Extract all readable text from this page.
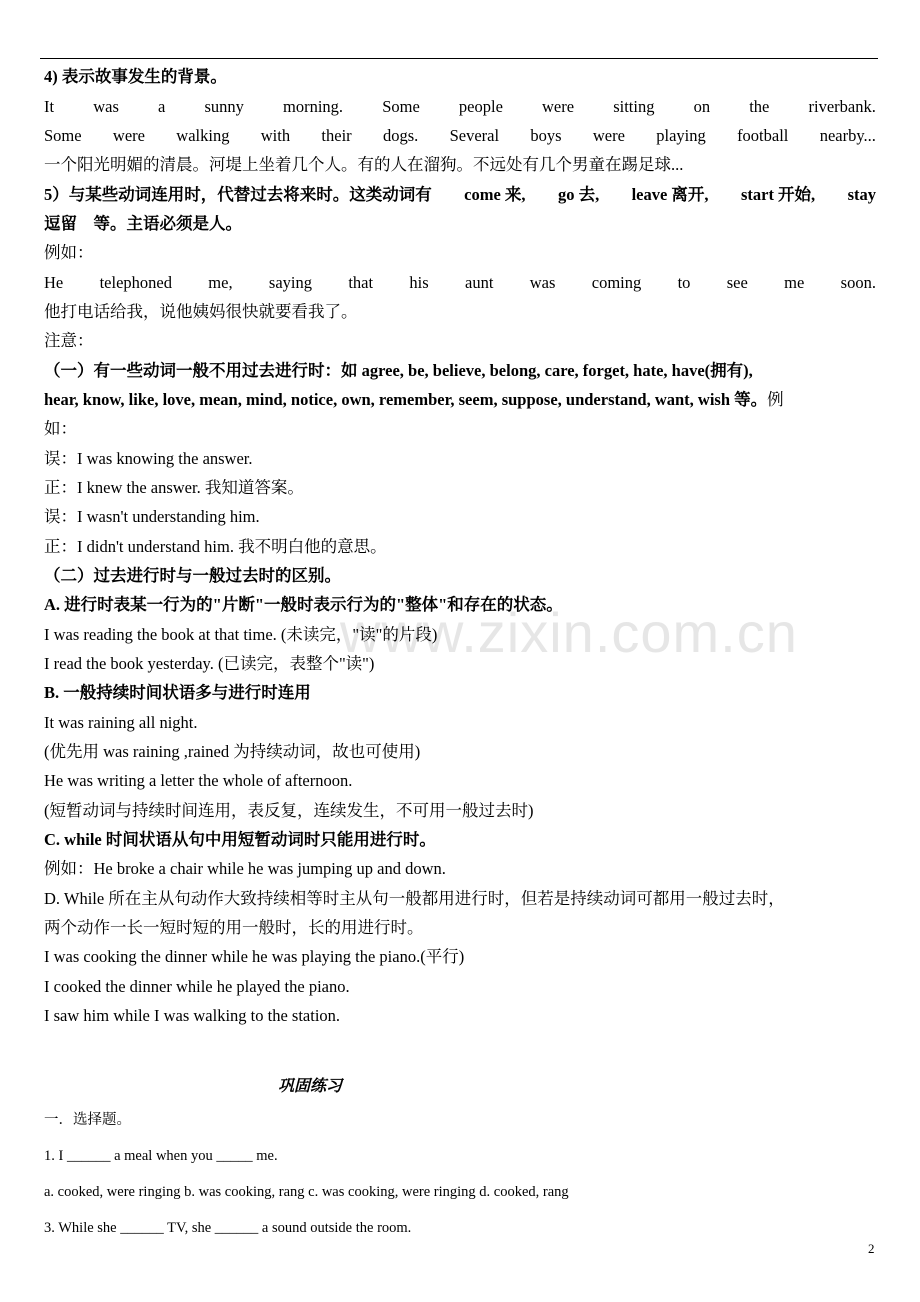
www.zixin.com.cn
4) 表示故事发生的背景。
It was a sunny morning. Some people were sitting on the riverbank.
Some were walking with their dogs. Several boys were playing football nearby...
一个阳光明媚的清晨。河堤上坐着几个人。有的人在溜狗。不远处有几个男童在踢足球...
5）与某些动词连用时，代替过去将来时。这类动词有 come 来, go 去, leave 离开, start 开始, stay
逗留　等。主语必须是人。
例如：
He telephoned me, saying that his aunt was coming to see me soon.
他打电话给我，说他姨妈很快就要看我了。
注意：
（一）有一些动词一般不用过去进行时：如 agree, be, believe, belong, care, forget, hate, have(拥有),
hear, know, like, love, mean, mind, notice, own, remember, seem, suppose, understand, want, wish 等。例
如：
误：I was knowing the answer.
正：I knew the answer. 我知道答案。
误：I wasn't understanding him.
正：I didn't understand him. 我不明白他的意思。
（二）过去进行时与一般过去时的区别。
A. 进行时表某一行为的"片断"一般时表示行为的"整体"和存在的状态。
I was reading the book at that time. (未读完，"读"的片段)
I read the book yesterday. (已读完，表整个"读")
B. 一般持续时间状语多与进行时连用
It was raining all night.
(优先用 was raining ,rained 为持续动词，故也可使用)
He was writing a letter the whole of afternoon.
(短暂动词与持续时间连用，表反复，连续发生，不可用一般过去时)
C. while 时间状语从句中用短暂动词时只能用进行时。
例如：He broke a chair while he was jumping up and down.
D. While 所在主从句动作大致持续相等时主从句一般都用进行时，但若是持续动词可都用一般过去时，
两个动作一长一短时短的用一般时，长的用进行时。
I was cooking the dinner while he was playing the piano.(平行)
I cooked the dinner while he played the piano.
I saw him while I was walking to the station.
巩固练习
一．选择题。
1. I ______ a meal when you _____ me.
a. cooked, were ringing b. was cooking, rang c. was cooking, were ringing d. cooked, rang
3. While she ______ TV, she ______ a sound outside the room.
2
